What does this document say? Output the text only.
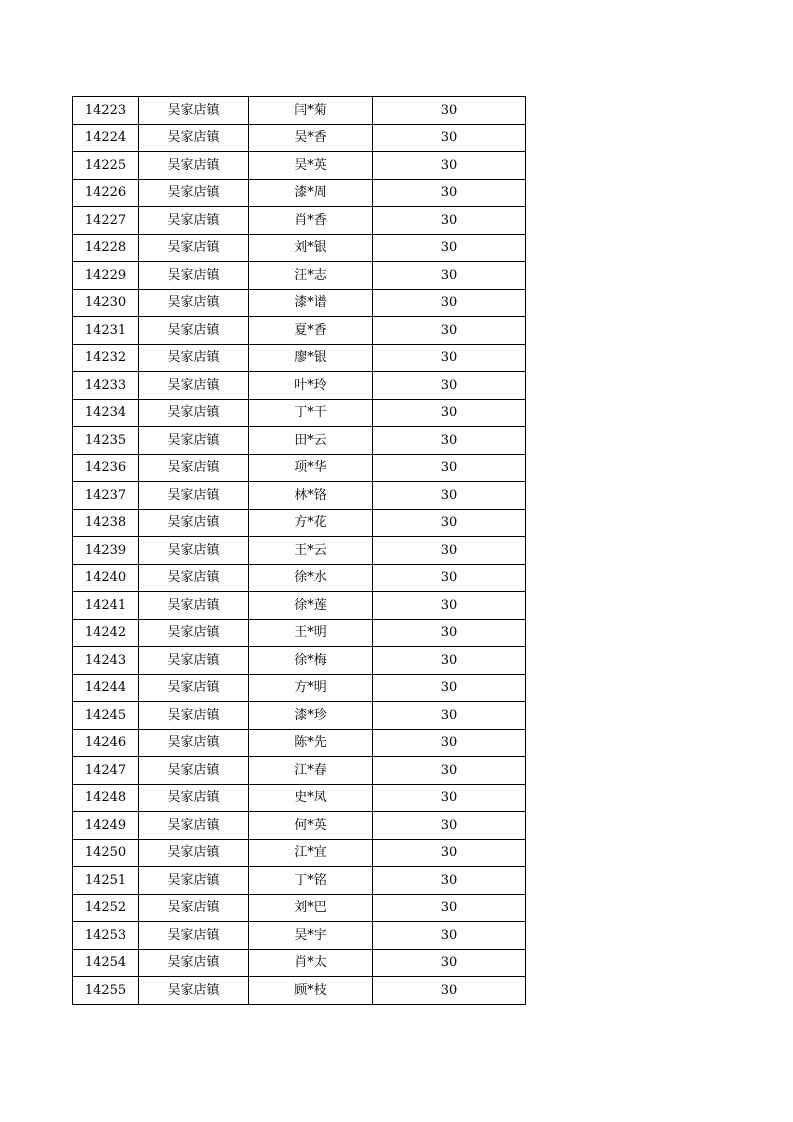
14223	吴家店镇	闫*菊	30
14224	吴家店镇	吴*香	30
14225	吴家店镇	吴*英	30
14226	吴家店镇	漆*周	30
14227	吴家店镇	肖*香	30
14228	吴家店镇	刘*银	30
14229	吴家店镇	汪*志	30
14230	吴家店镇	漆*谱	30
14231	吴家店镇	夏*香	30
14232	吴家店镇	廖*银	30
14233	吴家店镇	叶*玲	30
14234	吴家店镇	丁*干	30
14235	吴家店镇	田*云	30
14236	吴家店镇	项*华	30
14237	吴家店镇	林*铬	30
14238	吴家店镇	方*花	30
14239	吴家店镇	王*云	30
14240	吴家店镇	徐*水	30
14241	吴家店镇	徐*莲	30
14242	吴家店镇	王*明	30
14243	吴家店镇	徐*梅	30
14244	吴家店镇	方*明	30
14245	吴家店镇	漆*珍	30
14246	吴家店镇	陈*先	30
14247	吴家店镇	江*春	30
14248	吴家店镇	史*凤	30
14249	吴家店镇	何*英	30
14250	吴家店镇	江*宜	30
14251	吴家店镇	丁*铭	30
14252	吴家店镇	刘*巴	30
14253	吴家店镇	吴*宇	30
14254	吴家店镇	肖*太	30
14255	吴家店镇	顾*枝	30
